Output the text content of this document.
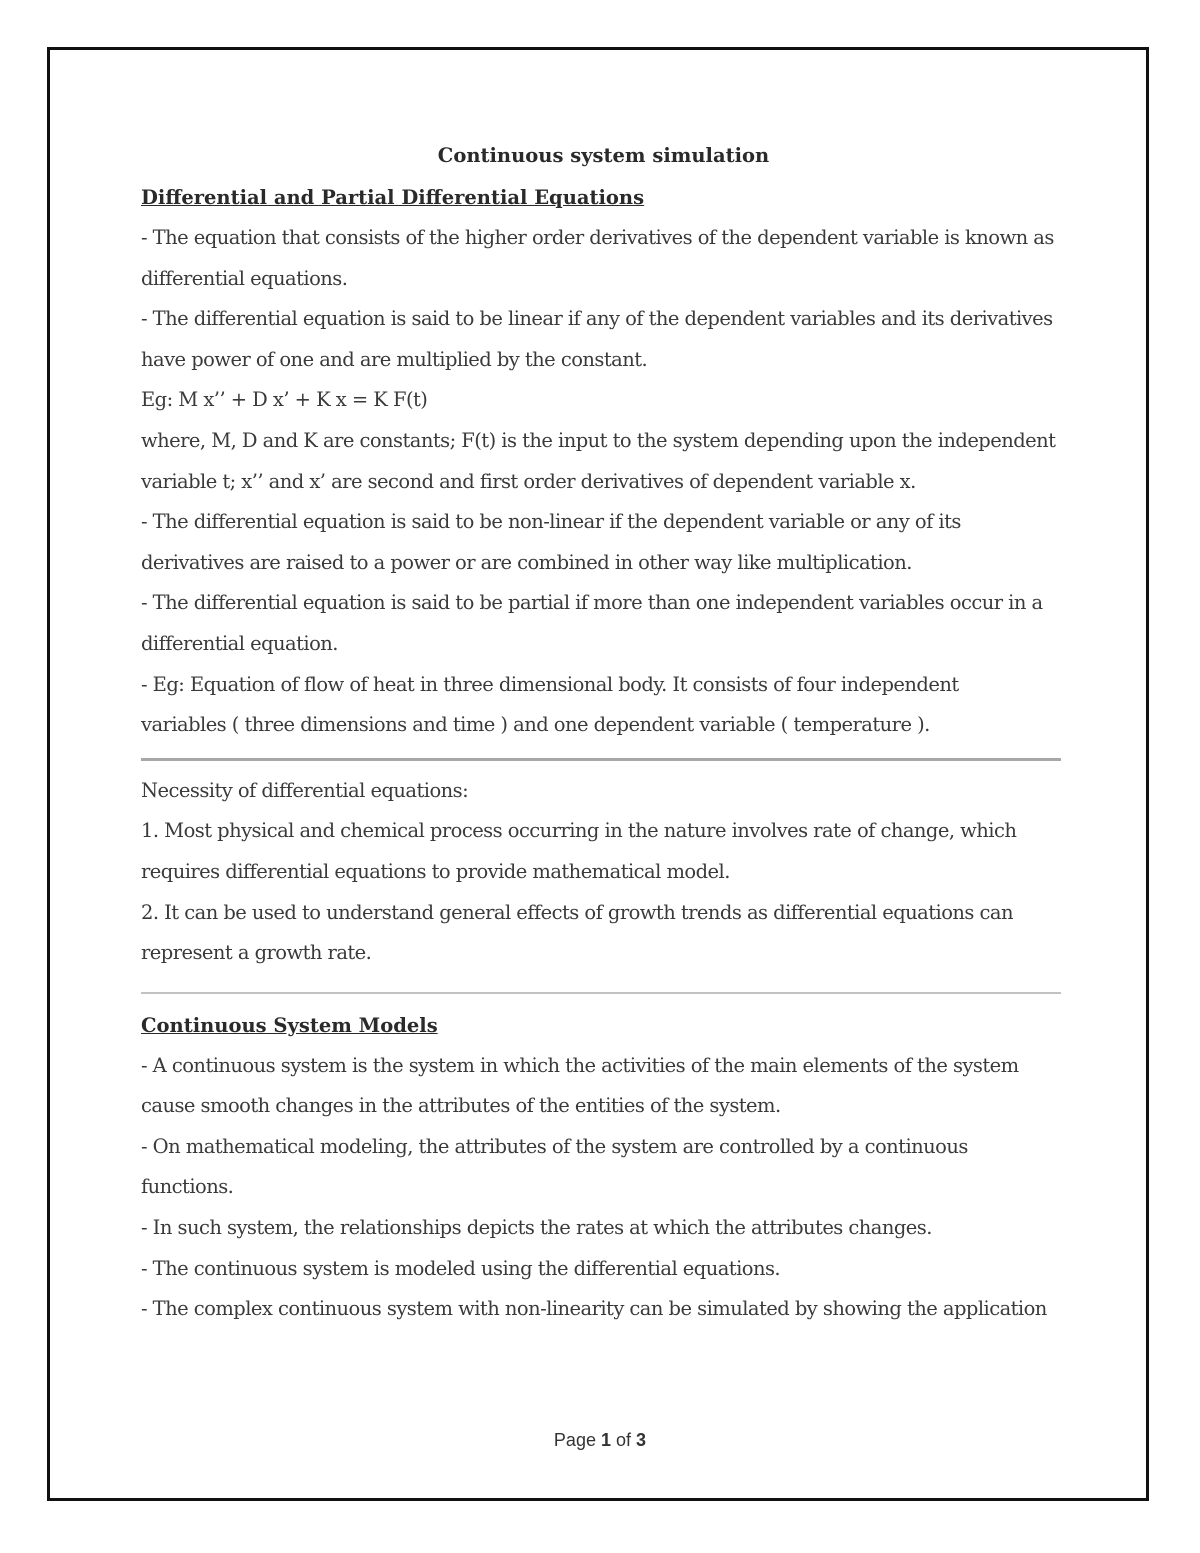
Continuous system simulation

Differential and Partial Differential Equations

- The equation that consists of the higher order derivatives of the dependent variable is known as

differential equations.

- The differential equation is said to be linear if any of the dependent variables and its derivatives

have power of one and are multiplied by the constant.

Eg: M x’’ + D x’ + K x = K F(t)

where, M, D and K are constants; F(t) is the input to the system depending upon the independent

variable t; x’’ and x’ are second and first order derivatives of dependent variable x.

- The differential equation is said to be non-linear if the dependent variable or any of its

derivatives are raised to a power or are combined in other way like multiplication.

- The differential equation is said to be partial if more than one independent variables occur in a

differential equation.

- Eg: Equation of flow of heat in three dimensional body. It consists of four independent

variables ( three dimensions and time ) and one dependent variable ( temperature ).

Necessity of differential equations:

1. Most physical and chemical process occurring in the nature involves rate of change, which

requires differential equations to provide mathematical model.

2. It can be used to understand general effects of growth trends as differential equations can

represent a growth rate.

Continuous System Models

- A continuous system is the system in which the activities of the main elements of the system

cause smooth changes in the attributes of the entities of the system.

- On mathematical modeling, the attributes of the system are controlled by a continuous

functions.

- In such system, the relationships depicts the rates at which the attributes changes.

- The continuous system is modeled using the differential equations.

- The complex continuous system with non-linearity can be simulated by showing the application

Page 1 of 3
